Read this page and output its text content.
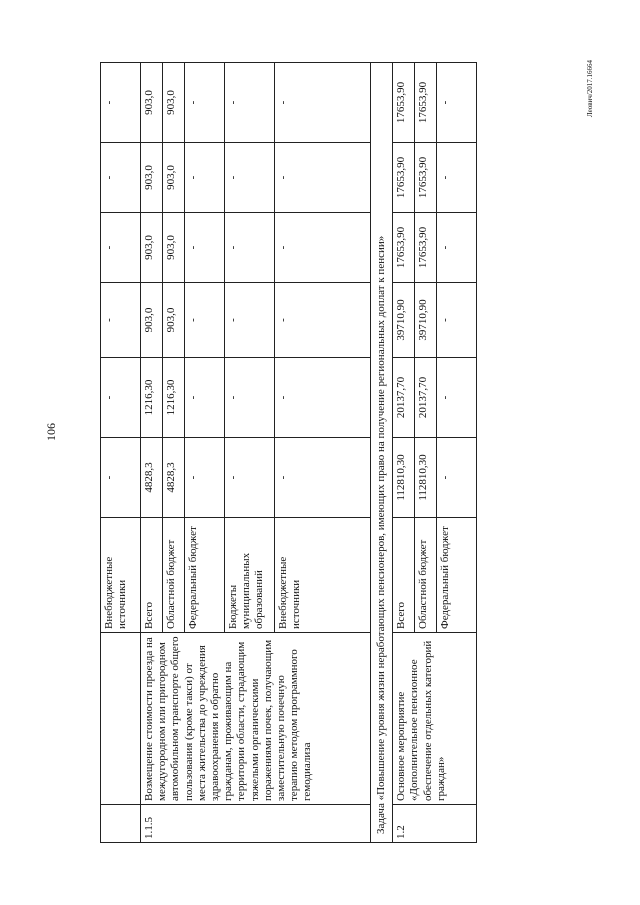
106
Леович/2017.16664
		Внебюджетные источники	-	-	-	-	-	-
1.1.5	Возмещение стоимости проезда на междугородном или пригородном автомобильном транспорте общего пользования (кроме такси) от места жительства до учреждения здравоохранения и обратно гражданам, проживающим на территории области, страдающим тяжелыми органическими поражениями почек, получающим заместительную почечную терапию методом программного гемодиализа	Всего	4828,3	1216,30	903,0	903,0	903,0	903,0
		Областной бюджет	4828,3	1216,30	903,0	903,0	903,0	903,0
		Федеральный бюджет	-	-	-	-	-	-
		Бюджеты муниципальных образований	-	-	-	-	-	-
		Внебюджетные источники	-	-	-	-	-	-
Задача «Повышение уровня жизни неработающих пенсионеров, имеющих право на получение региональных доплат к пенсии»								
1.2	Основное мероприятие «Дополнительное пенсионное обеспечение отдельных категорий граждан»	Всего	112810,30	20137,70	39710,90	17653,90	17653,90	17653,90
		Областной бюджет	112810,30	20137,70	39710,90	17653,90	17653,90	17653,90
		Федеральный бюджет	-	-	-	-	-	-
